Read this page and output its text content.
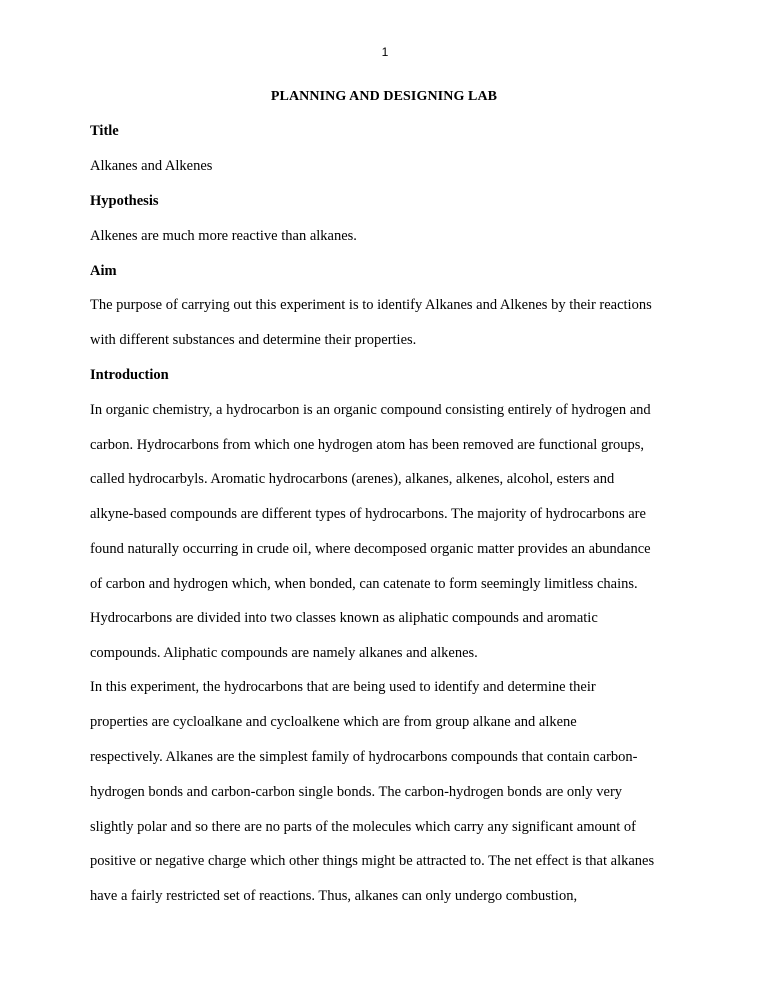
1
PLANNING AND DESIGNING LAB
Title
Alkanes and Alkenes
Hypothesis
Alkenes are much more reactive than alkanes.
Aim
The purpose of carrying out this experiment is to identify Alkanes and Alkenes by their reactions
with different substances and determine their properties.
Introduction
In organic chemistry, a hydrocarbon is an organic compound consisting entirely of hydrogen and
carbon. Hydrocarbons from which one hydrogen atom has been removed are functional groups,
called hydrocarbyls. Aromatic hydrocarbons (arenes), alkanes, alkenes, alcohol, esters and
alkyne-based compounds are different types of hydrocarbons. The majority of hydrocarbons are
found naturally occurring in crude oil, where decomposed organic matter provides an abundance
of carbon and hydrogen which, when bonded, can catenate to form seemingly limitless chains.
Hydrocarbons are divided into two classes known as aliphatic compounds and aromatic
compounds. Aliphatic compounds are namely alkanes and alkenes.
In this experiment, the hydrocarbons that are being used to identify and determine their
properties are cycloalkane and cycloalkene which are from group alkane and alkene
respectively. Alkanes are the simplest family of hydrocarbons compounds that contain carbon-
hydrogen bonds and carbon-carbon single bonds. The carbon-hydrogen bonds are only very
slightly polar and so there are no parts of the molecules which carry any significant amount of
positive or negative charge which other things might be attracted to. The net effect is that alkanes
have a fairly restricted set of reactions. Thus, alkanes can only undergo combustion,
